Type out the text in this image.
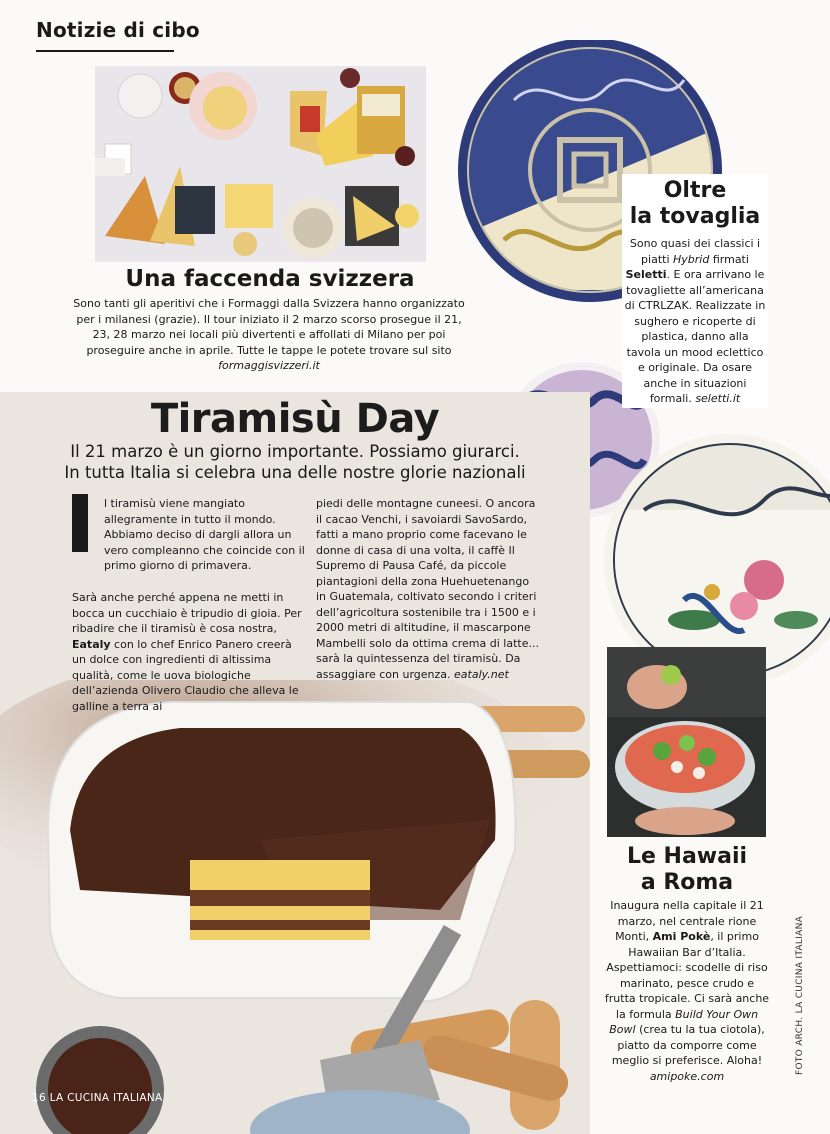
Notizie di cibo
Una faccenda svizzera
Sono tanti gli aperitivi che i Formaggi dalla Svizzera hanno organizzato per i milanesi (grazie). Il tour iniziato il 2 marzo scorso prosegue il 21, 23, 28 marzo nei locali più divertenti e affollati di Milano per poi proseguire anche in aprile. Tutte le tappe le potete trovare sul sito formaggisvizzeri.it
Oltre
la tovaglia
Sono quasi dei classici i piatti Hybrid firmati Seletti. E ora arrivano le tovagliette all’americana di CTRLZAK. Realizzate in sughero e ricoperte di plastica, danno alla tavola un mood eclettico e originale. Da osare anche in situazioni formali. seletti.it
Tiramisù Day
Il 21 marzo è un giorno importante. Possiamo giurarci.
In tutta Italia si celebra una delle nostre glorie nazionali
l tiramisù viene mangiato allegramente in tutto il mondo. Abbiamo deciso di dargli allora un vero compleanno che coincide con il primo giorno di primavera.
Sarà anche perché appena ne metti in bocca un cucchiaio è tripudio di gioia. Per ribadire che il tiramisù è cosa nostra, Eataly con lo chef Enrico Panero creerà un dolce con ingredienti di altissima qualità, come le uova biologiche dell’azienda Olivero Claudio che alleva le galline a terra ai
piedi delle montagne cuneesi. O ancora il cacao Venchi, i savoiardi SavoSardo, fatti a mano proprio come facevano le donne di casa di una volta, il caffè Il Supremo di Pausa Café, da piccole piantagioni della zona Huehuetenango in Guatemala, coltivato secondo i criteri dell’agricoltura sostenibile tra i 1500 e i 2000 metri di altitudine, il mascarpone Mambelli solo da ottima crema di latte... sarà la quintessenza del tiramisù. Da assaggiare con urgenza. eataly.net
16 LA CUCINA ITALIANA
Le Hawaii
a Roma
Inaugura nella capitale il 21 marzo, nel centrale rione Monti, Ami Pokè, il primo Hawaiian Bar d’Italia. Aspettiamoci: scodelle di riso marinato, pesce crudo e frutta tropicale. Ci sarà anche la formula Build Your Own Bowl (crea tu la tua ciotola), piatto da comporre come meglio si preferisce. Aloha! amipoke.com
FOTO ARCH. LA CUCINA ITALIANA
